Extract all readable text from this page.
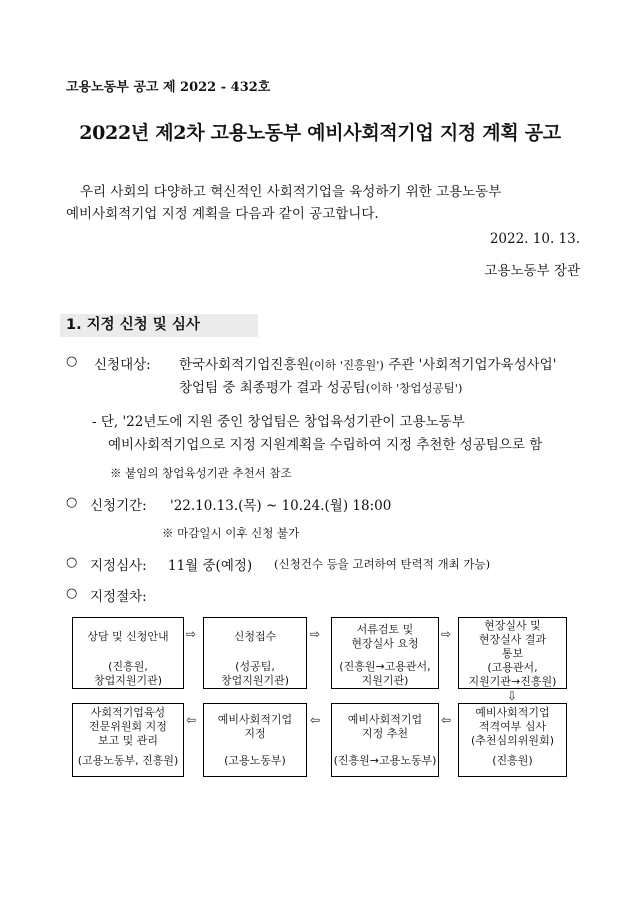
고용노동부 공고 제 2022 - 432호
2022년 제2차 고용노동부 예비사회적기업 지정 계획 공고
우리 사회의 다양하고 혁신적인 사회적기업을 육성하기 위한 고용노동부
예비사회적기업 지정 계획을 다음과 같이 공고합니다.
2022. 10. 13.
고용노동부 장관
1. 지정 신청 및 심사
○ 신청대상: 한국사회적기업진흥원(이하 '진흥원') 주관 '사회적기업가육성사업'
창업팀 중 최종평가 결과 성공팀(이하 '창업성공팀')
- 단, '22년도에 지원 중인 창업팀은 창업육성기관이 고용노동부
예비사회적기업으로 지정 지원계획을 수립하여 지정 추천한 성공팀으로 함
※ 붙임의 창업육성기관 추천서 참조
○ 신청기간: '22.10.13.(목) ~ 10.24.(월) 18:00
※ 마감일시 이후 신청 불가
○ 지정심사: 11월 중(예정) (신청건수 등을 고려하여 탄력적 개최 가능)
○ 지정절차:
상담 및 신청안내
(진흥원,
창업지원기관)
⇨	신청접수
(성공팀,
창업지원기관)
⇨	서류검토 및
현장실사 요청
(진흥원→고용관서,
지원기관)
⇨
현장실사 및
현장실사 결과
통보
(고용관서,
지원기관→진흥원)
⇩
사회적기업육성
전문위원회 지정
보고 및 관리
(고용노동부, 진흥원)
⇦	예비사회적기업
지정
(고용노동부)
⇦	예비사회적기업
지정 추천
(진흥원→고용노동부)
⇦
예비사회적기업
적격여부 심사
(추천심의위원회)
(진흥원)
